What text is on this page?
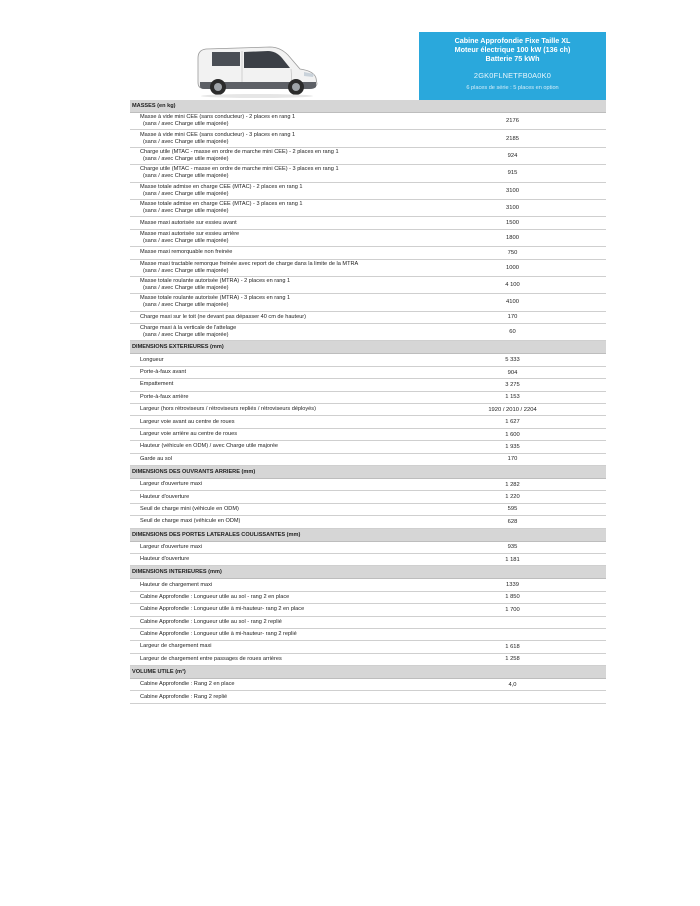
Cabine Approfondie Fixe Taille XL
Moteur électrique 100 kW (136 ch)
Batterie 75 kWh
2GK0FLNETFB0A0K0
6 places de série : 5 places en option
MASSES (en kg)	
Masse à vide mini CEE (sans conducteur) - 2 places en rang 1
(sans / avec Charge utile majorée)	2176
Masse à vide mini CEE (sans conducteur) - 3 places en rang 1
(sans / avec Charge utile majorée)	2185
Charge utile (MTAC - masse en ordre de marche mini CEE) - 2 places en rang 1
(sans / avec Charge utile majorée)	924
Charge utile (MTAC - masse en ordre de marche mini CEE) - 3 places en rang 1
(sans / avec Charge utile majorée)	915
Masse totale admise en charge CEE (MTAC) - 2 places en rang 1
(sans / avec Charge utile majorée)	3100
Masse totale admise en charge CEE (MTAC) - 3 places en rang 1
(sans / avec Charge utile majorée)	3100
Masse maxi autorisée sur essieu avant	1500
Masse maxi autorisée sur essieu arrière
(sans / avec Charge utile majorée)	1800
Masse maxi remorquable non freinée	750
Masse maxi tractable remorque freinée avec report de charge dans la limite de la MTRA
(sans / avec Charge utile majorée)	1000
Masse totale roulante autorisée (MTRA) - 2 places en rang 1
(sans / avec Charge utile majorée)	4 100
Masse totale roulante autorisée (MTRA) - 3 places en rang 1
(sans / avec Charge utile majorée)	4100
Charge maxi sur le toit (ne devant pas dépasser 40 cm de hauteur)	170
Charge maxi à la verticale de l'attelage
(sans / avec Charge utile majorée)	60
DIMENSIONS EXTERIEURES (mm)	
Longueur	5 333
Porte-à-faux avant	904
Empattement	3 275
Porte-à-faux arrière	1 153
Largeur (hors rétroviseurs / rétroviseurs repliés / rétroviseurs déployés)	1920 / 2010 / 2204
Largeur voie avant au centre de roues	1 627
Largeur voie arrière au centre de roues	1 600
Hauteur (véhicule en ODM) / avec Charge utile majorée	1 935
Garde au sol	170
DIMENSIONS DES OUVRANTS ARRIERE (mm)	
Largeur d'ouverture maxi	1 282
Hauteur d'ouverture	1 220
Seuil de charge mini (véhicule en ODM)	595
Seuil de charge maxi (véhicule en ODM)	628
DIMENSIONS DES PORTES LATERALES COULISSANTES (mm)	
Largeur d'ouverture maxi	935
Hauteur d'ouverture	1 181
DIMENSIONS INTERIEURES (mm)	
Hauteur de chargement maxi	1339
Cabine Approfondie : Longueur utile au sol - rang 2 en place	1 850
Cabine Approfondie : Longueur utile à mi-hauteur- rang 2 en place	1 700
Cabine Approfondie : Longueur utile au sol - rang 2 replié	
Cabine Approfondie : Longueur utile à mi-hauteur- rang 2 replié	
Largeur de chargement maxi	1 618
Largeur de chargement entre passages de roues arrières	1 258
VOLUME UTILE (m³)	
Cabine Approfondie : Rang 2 en place	4,0
Cabine Approfondie : Rang 2 replié	
